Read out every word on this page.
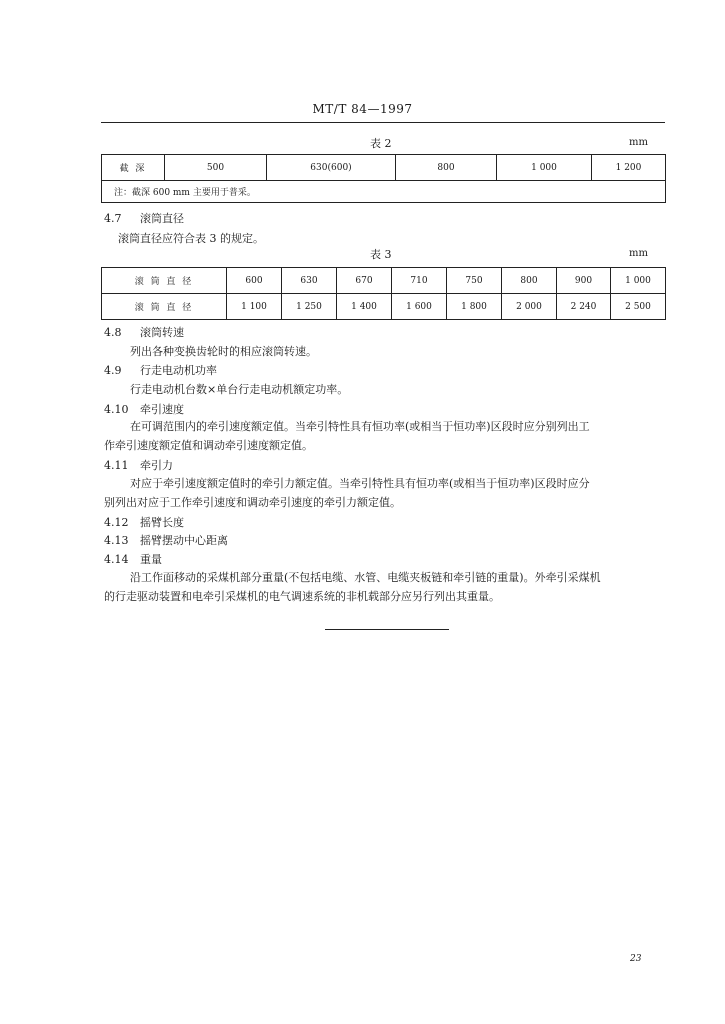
MT/T 84—1997
表 2	mm
截 深	500	630(600)	800	1 000	1 200
注：截深 600 mm 主要用于普采。
4.7 滚筒直径
滚筒直径应符合表 3 的规定。
表 3	mm
滚 筒 直 径	600	630	670	710	750	800	900	1 000
滚 筒 直 径	1 100	1 250	1 400	1 600	1 800	2 000	2 240	2 500
4.8 滚筒转速
列出各种变换齿轮时的相应滚筒转速。
4.9 行走电动机功率
行走电动机台数×单台行走电动机额定功率。
4.10 牵引速度
在可调范围内的牵引速度额定值。当牵引特性具有恒功率(或相当于恒功率)区段时应分别列出工
作牵引速度额定值和调动牵引速度额定值。
4.11 牵引力
对应于牵引速度额定值时的牵引力额定值。当牵引特性具有恒功率(或相当于恒功率)区段时应分
别列出对应于工作牵引速度和调动牵引速度的牵引力额定值。
4.12 摇臂长度
4.13 摇臂摆动中心距离
4.14 重量
沿工作面移动的采煤机部分重量(不包括电缆、水管、电缆夹板链和牵引链的重量)。外牵引采煤机
的行走驱动装置和电牵引采煤机的电气调速系统的非机载部分应另行列出其重量。
23
